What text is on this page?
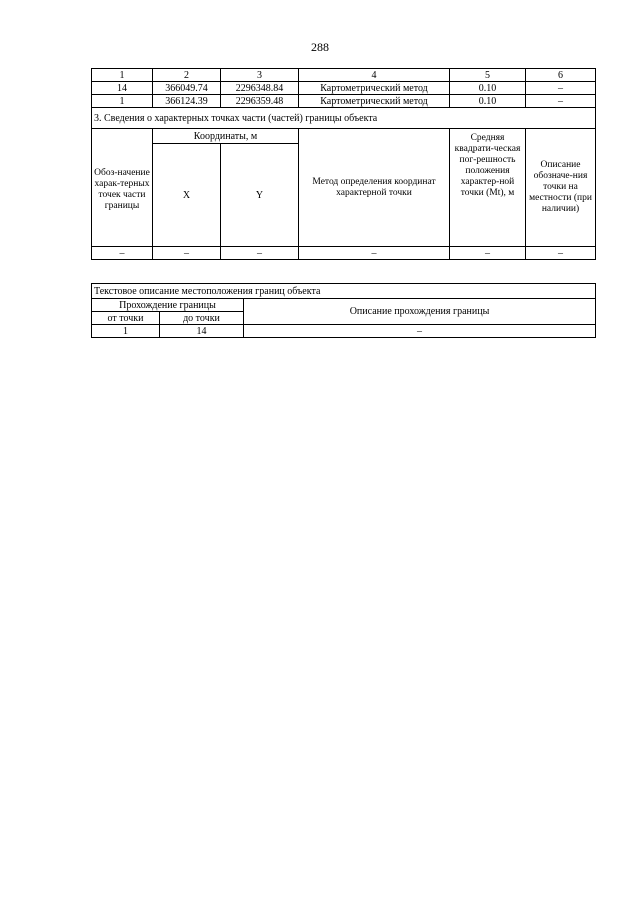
288
1	2	3	4	5	6
14	366049.74	2296348.84	Картометрический метод	0.10	–
1	366124.39	2296359.48	Картометрический метод	0.10	–
3. Сведения о характерных точках части (частей) границы объекта					
Обоз-начение харак-терных точек части границы	Координаты, м		Метод определения координат характерной точки	Средняя квадрати-ческая пог-решность положения характер-ной точки (Mt), м	Описание обозначе-ния точки на местности (при наличии)
	X	Y			
–	–	–	–	–	–
Текстовое описание местоположения границ объекта		
Прохождение границы		Описание прохождения границы
от точки	до точки	
1	14	–
